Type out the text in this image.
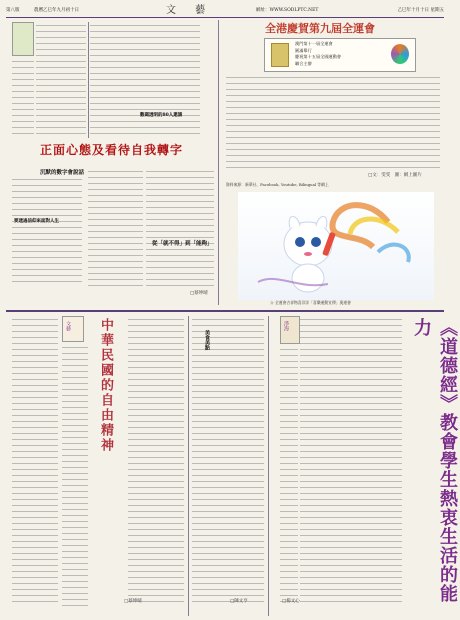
第八版	農曆乙巳年九月初十日	文 藝	網址：WWW.SODLPTC.NET	乙巳年十月十日 星期五
正面心態及看待自我轉字
沉默的數字會說話
要透過信仰來面對人生
數碼透明的80人邀請
從「就不得」到「能夠」
□蔡坤晴
全港慶賀第九屆全運會
澳門第十一屆全運會
圓滿舉行
慶祝第十五屆全國運動會
聯合主辦
□文：雯雯　圖：網上圖片
資料來源：新華社、Facebook, Youtube, Bilingual 等網上
☆ 全運會吉祥物喜洋洋「喜樂運動宣傳」奧運會
文藝 中華民國的自由精神
□蔡坤晴
美食美點
□陳文亨
淨海	《道德經》教會學生熱衷生活的能力
□楊文心
